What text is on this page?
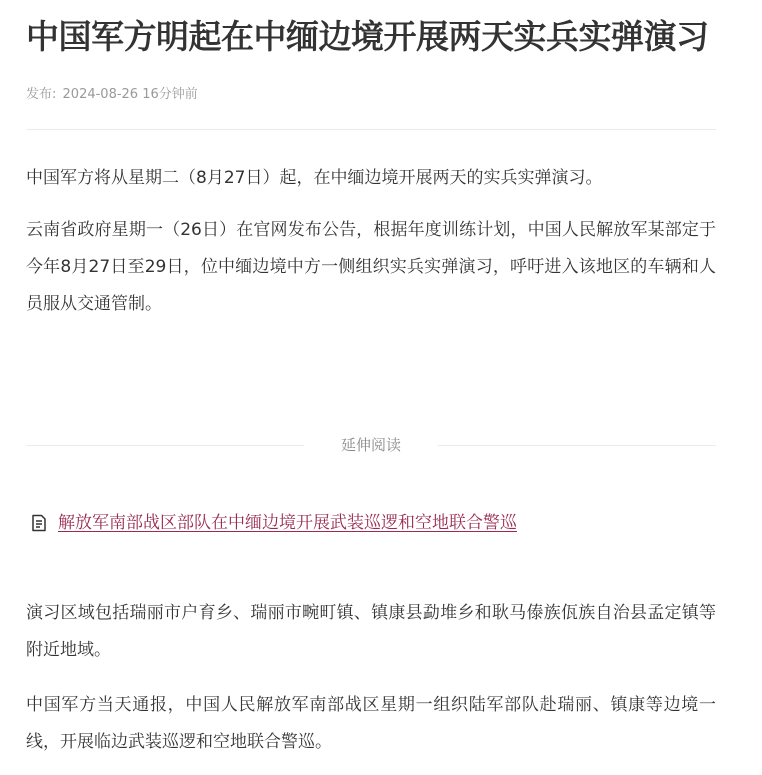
中国军方明起在中缅边境开展两天实兵实弹演习
发布: 2024-08-26 16分钟前

中国军方将从星期二（8月27日）起，在中缅边境开展两天的实兵实弹演习。

云南省政府星期一（26日）在官网发布公告，根据年度训练计划，中国人民解放军某部定于今年8月27日至29日，位中缅边境中方一侧组织实兵实弹演习，呼吁进入该地区的车辆和人员服从交通管制。

延伸阅读
解放军南部战区部队在中缅边境开展武装巡逻和空地联合警巡

演习区域包括瑞丽市户育乡、瑞丽市畹町镇、镇康县勐堆乡和耿马傣族佤族自治县孟定镇等附近地域。

中国军方当天通报，中国人民解放军南部战区星期一组织陆军部队赴瑞丽、镇康等边境一线，开展临边武装巡逻和空地联合警巡。
